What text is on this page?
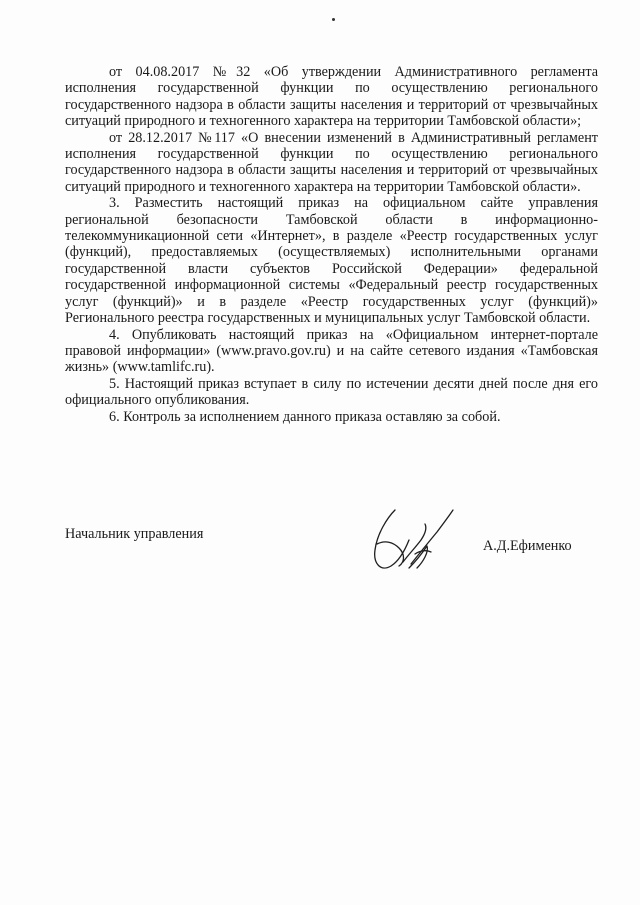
от 04.08.2017 №32 «Об утверждении Административного регламента исполнения государственной функции по осуществлению регионального государственного надзора в области защиты населения и территорий от чрезвычайных ситуаций природного и техногенного характера на территории Тамбовской области»;

от 28.12.2017 №117 «О внесении изменений в Административный регламент исполнения государственной функции по осуществлению регионального государственного надзора в области защиты населения и территорий от чрезвычайных ситуаций природного и техногенного характера на территории Тамбовской области».

3. Разместить настоящий приказ на официальном сайте управления региональной безопасности Тамбовской области в информационно-телекоммуникационной сети «Интернет», в разделе «Реестр государственных услуг (функций), предоставляемых (осуществляемых) исполнительными органами государственной власти субъектов Российской Федерации» федеральной государственной информационной системы «Федеральный реестр государственных услуг (функций)» и в разделе «Реестр государственных услуг (функций)» Регионального реестра государственных и муниципальных услуг Тамбовской области.

4. Опубликовать настоящий приказ на «Официальном интернет-портале правовой информации» (www.pravo.gov.ru) и на сайте сетевого издания «Тамбовская жизнь» (www.tamlifc.ru).

5. Настоящий приказ вступает в силу по истечении десяти дней после дня его официального опубликования.

6. Контроль за исполнением данного приказа оставляю за собой.

Начальник управления
А.Д.Ефименко
